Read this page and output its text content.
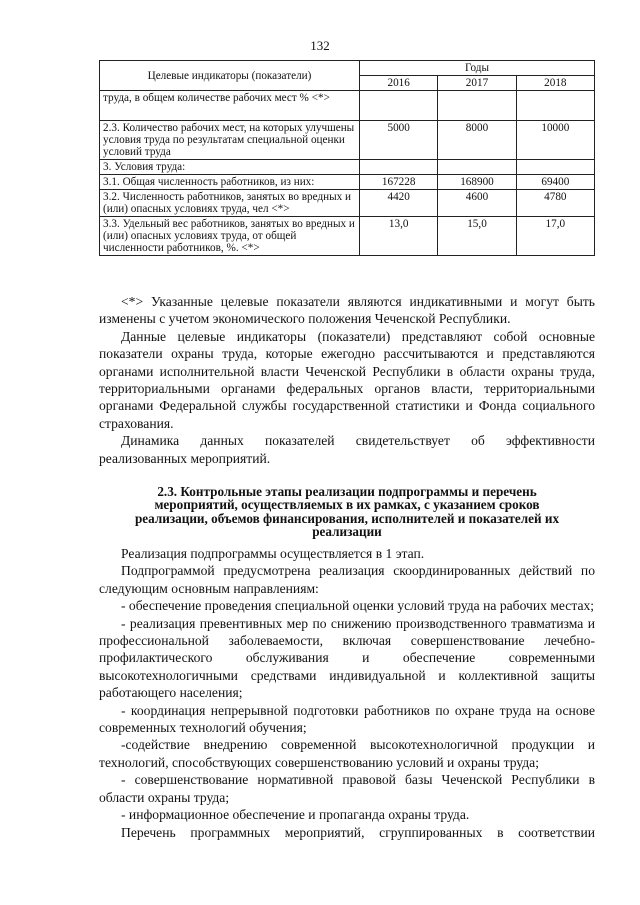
132
Целевые индикаторы (показатели)	Годы		
	2016	2017	2018
труда, в общем количестве рабочих мест % <*>			
2.3. Количество рабочих мест, на которых улучшены условия труда по результатам специальной оценки условий труда	5000	8000	10000
3. Условия труда:			
3.1. Общая численность работников, из них:	167228	168900	69400
3.2. Численность работников, занятых во вредных и (или) опасных условиях труда, чел <*>	4420	4600	4780
3.3. Удельный вес работников, занятых во вредных и (или) опасных условиях труда, от общей численности работников, %. <*>	13,0	15,0	17,0

<*> Указанные целевые показатели являются индикативными и могут быть изменены с учетом экономического положения Чеченской Республики.

Данные целевые индикаторы (показатели) представляют собой основные показатели охраны труда, которые ежегодно рассчитываются и представляются органами исполнительной власти Чеченской Республики в области охраны труда, территориальными органами федеральных органов власти, территориальными органами Федеральной службы государственной статистики и Фонда социального страхования.

Динамика данных показателей свидетельствует об эффективности реализованных мероприятий.

2.3. Контрольные этапы реализации подпрограммы и перечень
мероприятий, осуществляемых в их рамках, с указанием сроков
реализации, объемов финансирования, исполнителей и показателей их
реализации

Реализация подпрограммы осуществляется в 1 этап.

Подпрограммой предусмотрена реализация скоординированных действий по следующим основным направлениям:

- обеспечение проведения специальной оценки условий труда на рабочих местах;

- реализация превентивных мер по снижению производственного травматизма и профессиональной заболеваемости, включая совершенствование лечебно-профилактического обслуживания и обеспечение современными высокотехнологичными средствами индивидуальной и коллективной защиты работающего населения;

- координация непрерывной подготовки работников по охране труда на основе современных технологий обучения;

-содействие внедрению современной высокотехнологичной продукции и технологий, способствующих совершенствованию условий и охраны труда;

- совершенствование нормативной правовой базы Чеченской Республики в области охраны труда;

- информационное обеспечение и пропаганда охраны труда.

Перечень программных мероприятий, сгруппированных в соответствии
